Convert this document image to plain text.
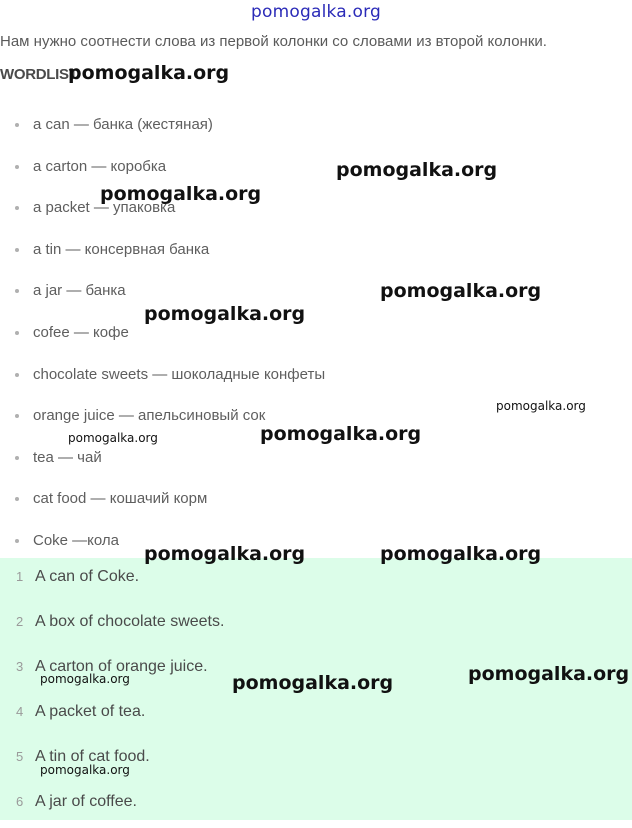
pomogalka.org
Нам нужно соотнести слова из первой колонки со словами из второй колонки.
WORDLIST
a can — банка (жестяная)
a carton — коробка
a packet — упаковка
a tin — консервная банка
a jar — банка
cofee — кофе
chocolate sweets — шоколадные конфеты
orange juice — апельсиновый сок
tea — чай
cat food — кошачий корм
Coke —кола
1 A can of Coke.
2 A box of chocolate sweets.
3 A carton of orange juice.
4 A packet of tea.
5 A tin of cat food.
6 A jar of coffee.
pomogalka.org
pomogalka.org
pomogalka.org
pomogalka.org
pomogalka.org
pomogalka.org
pomogalka.org
pomogalka.org
pomogalka.org	pomogalka.org
pomogalka.org
pomogalka.org	pomogalka.org
pomogalka.org
